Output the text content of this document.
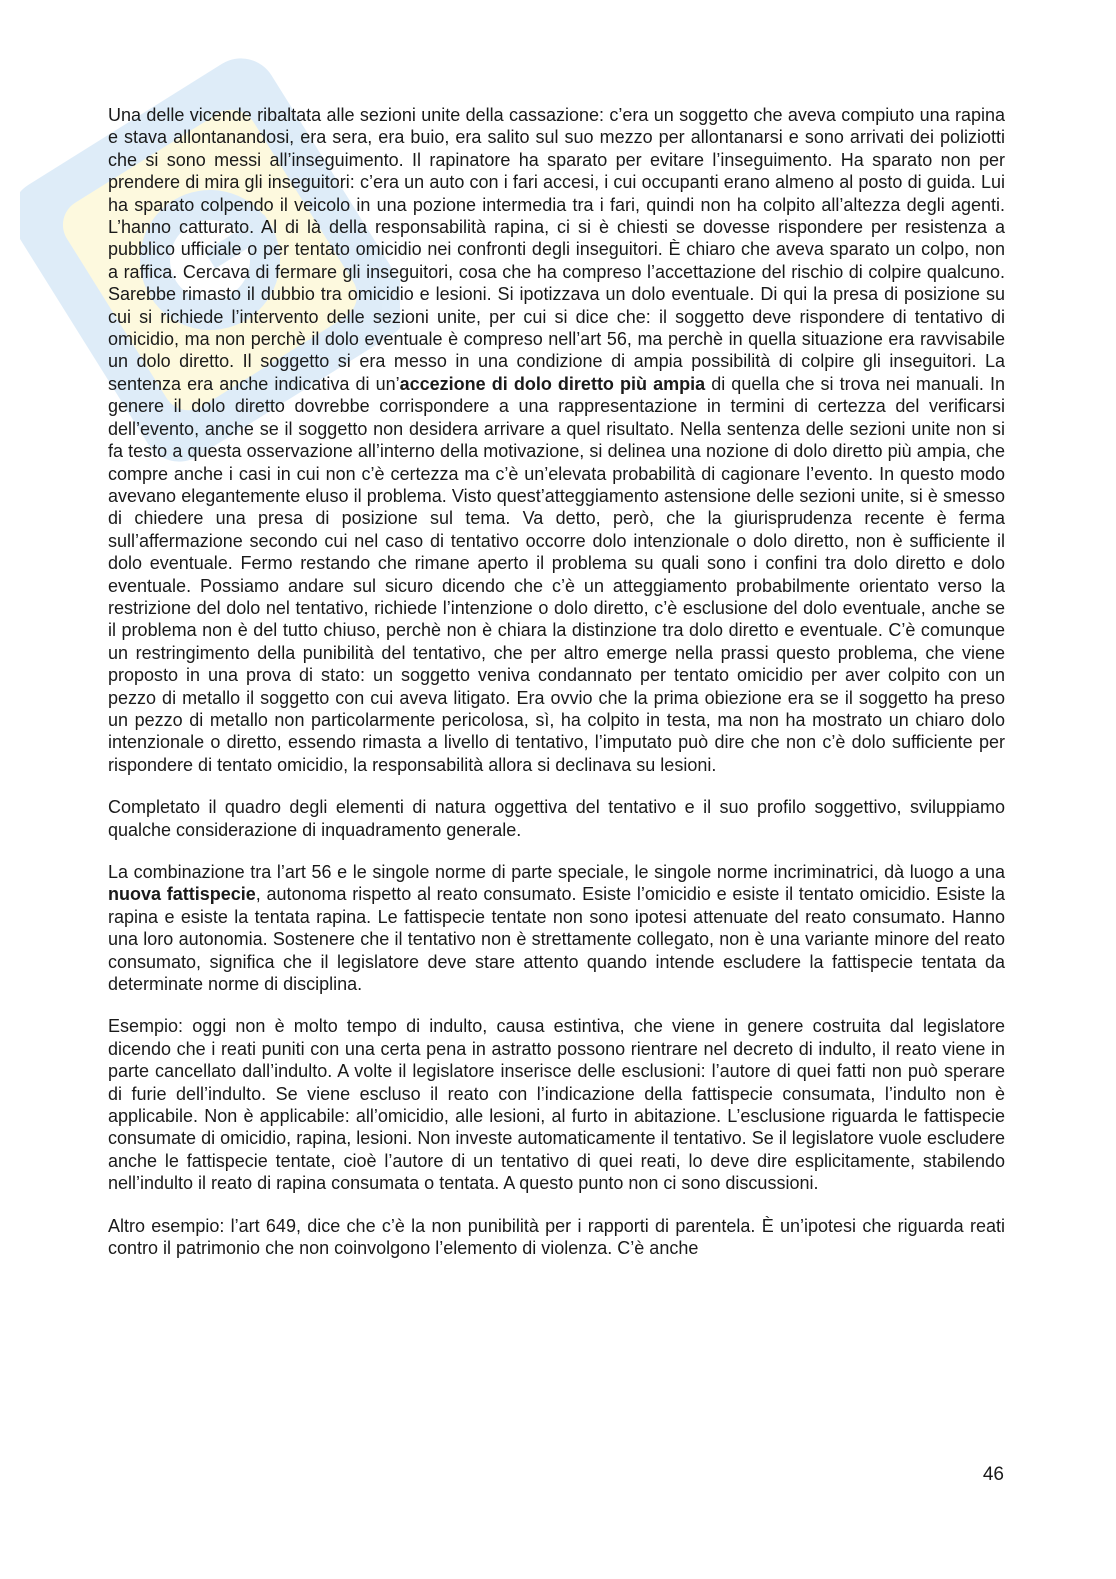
Una delle vicende ribaltata alle sezioni unite della cassazione: c’era un soggetto che aveva compiuto una rapina e stava allontanandosi, era sera, era buio, era salito sul suo mezzo per allontanarsi e sono arrivati dei poliziotti che si sono messi all’inseguimento. Il rapinatore ha sparato per evitare l’inseguimento. Ha sparato non per prendere di mira gli inseguitori: c’era un auto con i fari accesi, i cui occupanti erano almeno al posto di guida. Lui ha sparato colpendo il veicolo in una pozione intermedia tra i fari, quindi non ha colpito all’altezza degli agenti. L’hanno catturato. Al di là della responsabilità rapina, ci si è chiesti se dovesse rispondere per resistenza a pubblico ufficiale o per tentato omicidio nei confronti degli inseguitori. È chiaro che aveva sparato un colpo, non a raffica. Cercava di fermare gli inseguitori, cosa che ha compreso l’accettazione del rischio di colpire qualcuno. Sarebbe rimasto il dubbio tra omicidio e lesioni. Si ipotizzava un dolo eventuale. Di qui la presa di posizione su cui si richiede l’intervento delle sezioni unite, per cui si dice che: il soggetto deve rispondere di tentativo di omicidio, ma non perchè il dolo eventuale è compreso nell’art 56, ma perchè in quella situazione era ravvisabile un dolo diretto. Il soggetto si era messo in una condizione di ampia possibilità di colpire gli inseguitori. La sentenza era anche indicativa di un’accezione di dolo diretto più ampia di quella che si trova nei manuali. In genere il dolo diretto dovrebbe corrispondere a una rappresentazione in termini di certezza del verificarsi dell’evento, anche se il soggetto non desidera arrivare a quel risultato. Nella sentenza delle sezioni unite non si fa testo a questa osservazione all’interno della motivazione, si delinea una nozione di dolo diretto più ampia, che compre anche i casi in cui non c’è certezza ma c’è un’elevata probabilità di cagionare l’evento. In questo modo avevano elegantemente eluso il problema. Visto quest’atteggiamento astensione delle sezioni unite, si è smesso di chiedere una presa di posizione sul tema. Va detto, però, che la giurisprudenza recente è ferma sull’affermazione secondo cui nel caso di tentativo occorre dolo intenzionale o dolo diretto, non è sufficiente il dolo eventuale. Fermo restando che rimane aperto il problema su quali sono i confini tra dolo diretto e dolo eventuale. Possiamo andare sul sicuro dicendo che c’è un atteggiamento probabilmente orientato verso la restrizione del dolo nel tentativo, richiede l’intenzione o dolo diretto, c’è esclusione del dolo eventuale, anche se il problema non è del tutto chiuso, perchè non è chiara la distinzione tra dolo diretto e eventuale. C’è comunque un restringimento della punibilità del tentativo, che per altro emerge nella prassi questo problema, che viene proposto in una prova di stato: un soggetto veniva condannato per tentato omicidio per aver colpito con un pezzo di metallo il soggetto con cui aveva litigato. Era ovvio che la prima obiezione era se il soggetto ha preso un pezzo di metallo non particolarmente pericolosa, sì, ha colpito in testa, ma non ha mostrato un chiaro dolo intenzionale o diretto, essendo rimasta a livello di tentativo, l’imputato può dire che non c’è dolo sufficiente per rispondere di tentato omicidio, la responsabilità allora si declinava su lesioni.

Completato il quadro degli elementi di natura oggettiva del tentativo e il suo profilo soggettivo, sviluppiamo qualche considerazione di inquadramento generale.

La combinazione tra l’art 56 e le singole norme di parte speciale, le singole norme incriminatrici, dà luogo a una nuova fattispecie, autonoma rispetto al reato consumato. Esiste l’omicidio e esiste il tentato omicidio. Esiste la rapina e esiste la tentata rapina. Le fattispecie tentate non sono ipotesi attenuate del reato consumato. Hanno una loro autonomia. Sostenere che il tentativo non è strettamente collegato, non è una variante minore del reato consumato, significa che il legislatore deve stare attento quando intende escludere la fattispecie tentata da determinate norme di disciplina.

Esempio: oggi non è molto tempo di indulto, causa estintiva, che viene in genere costruita dal legislatore dicendo che i reati puniti con una certa pena in astratto possono rientrare nel decreto di indulto, il reato viene in parte cancellato dall’indulto. A volte il legislatore inserisce delle esclusioni: l’autore di quei fatti non può sperare di furie dell’indulto. Se viene escluso il reato con l’indicazione della fattispecie consumata, l’indulto non è applicabile. Non è applicabile: all’omicidio, alle lesioni, al furto in abitazione. L’esclusione riguarda le fattispecie consumate di omicidio, rapina, lesioni. Non investe automaticamente il tentativo. Se il legislatore vuole escludere anche le fattispecie tentate, cioè l’autore di un tentativo di quei reati, lo deve dire esplicitamente, stabilendo nell’indulto il reato di rapina consumata o tentata. A questo punto non ci sono discussioni.

Altro esempio: l’art 649, dice che c’è la non punibilità per i rapporti di parentela. È un’ipotesi che riguarda reati contro il patrimonio che non coinvolgono l’elemento di violenza. C’è anche

46
